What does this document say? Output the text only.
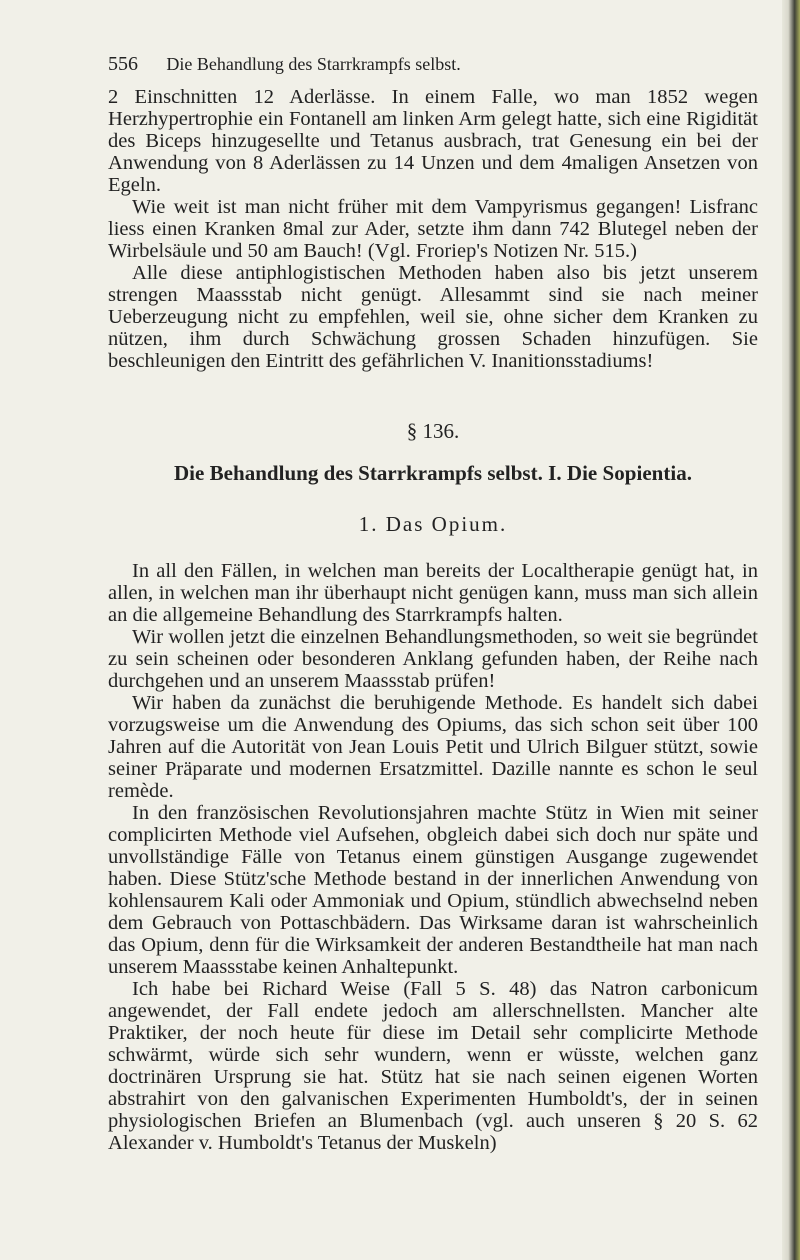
556 Die Behandlung des Starrkrampfs selbst.

2 Einschnitten 12 Aderlässe. In einem Falle, wo man 1852 wegen Herzhypertrophie ein Fontanell am linken Arm gelegt hatte, sich eine Rigidität des Biceps hinzugesellte und Tetanus ausbrach, trat Genesung ein bei der Anwendung von 8 Aderlässen zu 14 Unzen und dem 4maligen Ansetzen von Egeln.

Wie weit ist man nicht früher mit dem Vampyrismus gegangen! Lisfranc liess einen Kranken 8mal zur Ader, setzte ihm dann 742 Blutegel neben der Wirbelsäule und 50 am Bauch! (Vgl. Froriep's Notizen Nr. 515.)

Alle diese antiphlogistischen Methoden haben also bis jetzt unserem strengen Maassstab nicht genügt. Allesammt sind sie nach meiner Ueberzeugung nicht zu empfehlen, weil sie, ohne sicher dem Kranken zu nützen, ihm durch Schwächung grossen Schaden hinzufügen. Sie beschleunigen den Eintritt des gefährlichen V. Inanitionsstadiums!

§ 136.
Die Behandlung des Starrkrampfs selbst. I. Die Sopientia.
1. Das Opium.

In all den Fällen, in welchen man bereits der Localtherapie genügt hat, in allen, in welchen man ihr überhaupt nicht genügen kann, muss man sich allein an die allgemeine Behandlung des Starrkrampfs halten.

Wir wollen jetzt die einzelnen Behandlungsmethoden, so weit sie begründet zu sein scheinen oder besonderen Anklang gefunden haben, der Reihe nach durchgehen und an unserem Maassstab prüfen!

Wir haben da zunächst die beruhigende Methode. Es handelt sich dabei vorzugsweise um die Anwendung des Opiums, das sich schon seit über 100 Jahren auf die Autorität von Jean Louis Petit und Ulrich Bilguer stützt, sowie seiner Präparate und modernen Ersatzmittel. Dazille nannte es schon le seul remède.

In den französischen Revolutionsjahren machte Stütz in Wien mit seiner complicirten Methode viel Aufsehen, obgleich dabei sich doch nur späte und unvollständige Fälle von Tetanus einem günstigen Ausgange zugewendet haben. Diese Stütz'sche Methode bestand in der innerlichen Anwendung von kohlensaurem Kali oder Ammoniak und Opium, stündlich abwechselnd neben dem Gebrauch von Pottaschbädern. Das Wirksame daran ist wahrscheinlich das Opium, denn für die Wirksamkeit der anderen Bestandtheile hat man nach unserem Maassstabe keinen Anhaltepunkt.

Ich habe bei Richard Weise (Fall 5 S. 48) das Natron carbonicum angewendet, der Fall endete jedoch am allerschnellsten. Mancher alte Praktiker, der noch heute für diese im Detail sehr complicirte Methode schwärmt, würde sich sehr wundern, wenn er wüsste, welchen ganz doctrinären Ursprung sie hat. Stütz hat sie nach seinen eigenen Worten abstrahirt von den galvanischen Experimenten Humboldt's, der in seinen physiologischen Briefen an Blumenbach (vgl. auch unseren § 20 S. 62 Alexander v. Humboldt's Tetanus der Muskeln)
